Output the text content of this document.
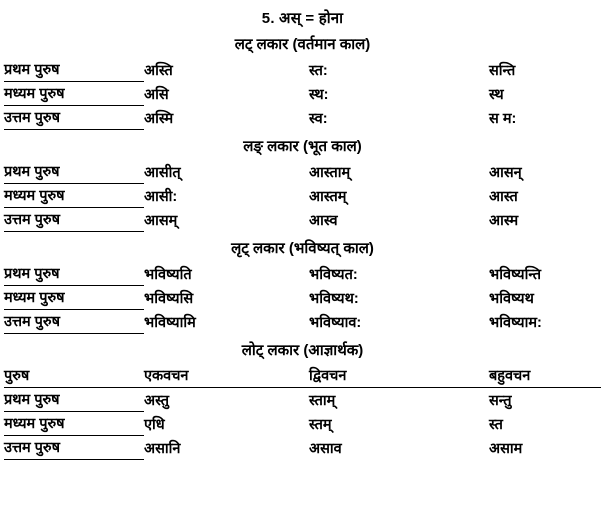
5. अस् = होना
लट् लकार (वर्तमान काल)
प्रथम पुरुष	अस्ति	स्त:	सन्ति
मध्यम पुरुष	असि	स्थ:	स्थ
उत्तम पुरुष	अस्मि	स्व:	स म:
लङ् लकार (भूत काल)
प्रथम पुरुष	आसीत्	आस्ताम्	आसन्
मध्यम पुरुष	आसी:	आस्तम्	आस्त
उत्तम पुरुष	आसम्	आस्व	आस्म
लृट् लकार (भविष्यत् काल)
प्रथम पुरुष	भविष्यति	भविष्यत:	भविष्यन्ति
मध्यम पुरुष	भविष्यसि	भविष्यथ:	भविष्यथ
उत्तम पुरुष	भविष्यामि	भविष्याव:	भविष्याम:
लोट् लकार (आज्ञार्थक)
पुरुष	एकवचन	द्विवचन	बहुवचन
प्रथम पुरुष	अस्तु	स्ताम्	सन्तु
मध्यम पुरुष	एधि	स्तम्	स्त
उत्तम पुरुष	असानि	असाव	असाम
